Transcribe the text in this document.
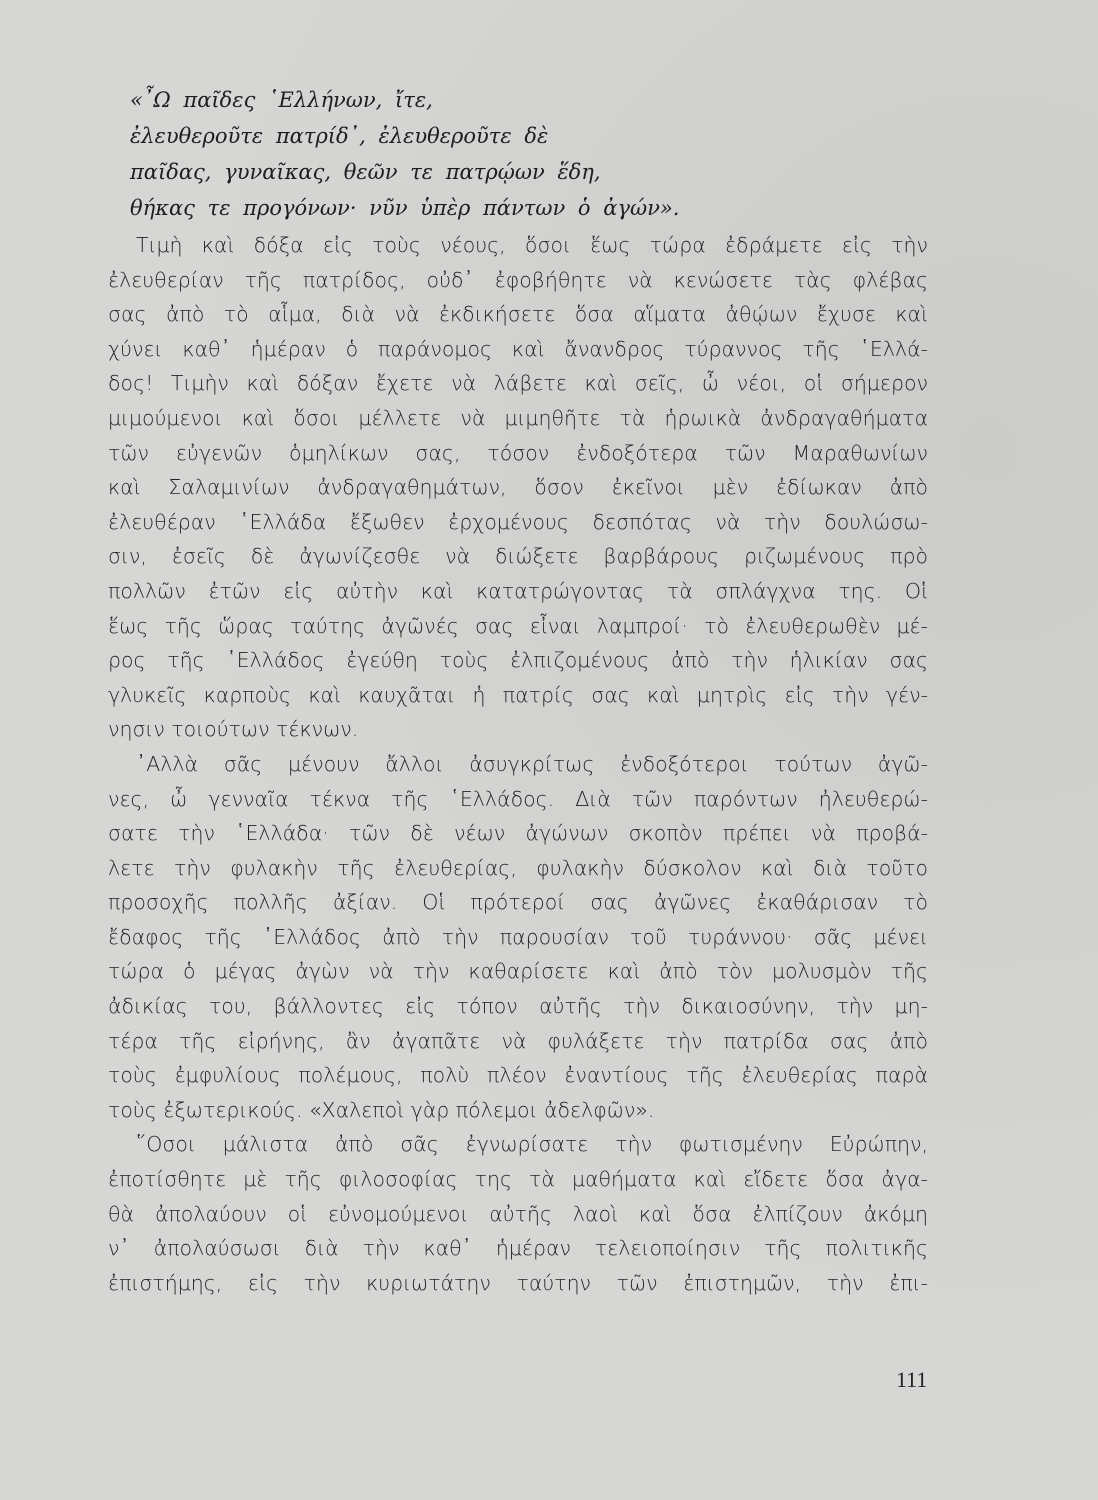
«῏Ω παῖδες ῾Ελλήνων, ἴτε,
ἐλευθεροῦτε πατρίδ᾿, ἐλευθεροῦτε δὲ
παῖδας, γυναῖκας, θεῶν τε πατρῴων ἕδη,
θήκας τε προγόνων· νῦν ὑπὲρ πάντων ὁ ἀγών».
Τιμὴ καὶ δόξα εἰς τοὺς νέους, ὅσοι ἕως τώρα ἐδράμετε εἰς τὴν
ἐλευθερίαν τῆς πατρίδος, οὐδ᾿ ἐφοβήθητε νὰ κενώσετε τὰς φλέβας
σας ἀπὸ τὸ αἷμα, διὰ νὰ ἐκδικήσετε ὅσα αἵματα ἀθῴων ἔχυσε καὶ
χύνει καθ᾿ ἡμέραν ὁ παράνομος καὶ ἄνανδρος τύραννος τῆς ῾Ελλά-
δος! Τιμὴν καὶ δόξαν ἔχετε νὰ λάβετε καὶ σεῖς, ὦ νέοι, οἱ σήμερον
μιμούμενοι καὶ ὅσοι μέλλετε νὰ μιμηθῆτε τὰ ἡρωικὰ ἀνδραγαθήματα
τῶν εὐγενῶν ὁμηλίκων σας, τόσον ἐνδοξότερα τῶν Μαραθωνίων
καὶ Σαλαμινίων ἀνδραγαθημάτων, ὅσον ἐκεῖνοι μὲν ἐδίωκαν ἀπὸ
ἐλευθέραν ῾Ελλάδα ἔξωθεν ἐρχομένους δεσπότας νὰ τὴν δουλώσω-
σιν, ἐσεῖς δὲ ἀγωνίζεσθε νὰ διώξετε βαρβάρους ριζωμένους πρὸ
πολλῶν ἐτῶν εἰς αὐτὴν καὶ κατατρώγοντας τὰ σπλάγχνα της. Οἱ
ἕως τῆς ὥρας ταύτης ἀγῶνές σας εἶναι λαμπροί· τὸ ἐλευθερωθὲν μέ-
ρος τῆς ῾Ελλάδος ἐγεύθη τοὺς ἐλπιζομένους ἀπὸ τὴν ἡλικίαν σας
γλυκεῖς καρποὺς καὶ καυχᾶται ἡ πατρίς σας καὶ μητρὶς εἰς τὴν γέν-
νησιν τοιούτων τέκνων.
᾿Αλλὰ σᾶς μένουν ἄλλοι ἀσυγκρίτως ἐνδοξότεροι τούτων ἀγῶ-
νες, ὦ γενναῖα τέκνα τῆς ῾Ελλάδος. Διὰ τῶν παρόντων ἠλευθερώ-
σατε τὴν ῾Ελλάδα· τῶν δὲ νέων ἀγώνων σκοπὸν πρέπει νὰ προβά-
λετε τὴν φυλακὴν τῆς ἐλευθερίας, φυλακὴν δύσκολον καὶ διὰ τοῦτο
προσοχῆς πολλῆς ἀξίαν. Οἱ πρότεροί σας ἀγῶνες ἐκαθάρισαν τὸ
ἔδαφος τῆς ῾Ελλάδος ἀπὸ τὴν παρουσίαν τοῦ τυράννου· σᾶς μένει
τώρα ὁ μέγας ἀγὼν νὰ τὴν καθαρίσετε καὶ ἀπὸ τὸν μολυσμὸν τῆς
ἀδικίας του, βάλλοντες εἰς τόπον αὐτῆς τὴν δικαιοσύνην, τὴν μη-
τέρα τῆς εἰρήνης, ἂν ἀγαπᾶτε νὰ φυλάξετε τὴν πατρίδα σας ἀπὸ
τοὺς ἐμφυλίους πολέμους, πολὺ πλέον ἐναντίους τῆς ἐλευθερίας παρὰ
τοὺς ἐξωτερικούς. «Χαλεποὶ γὰρ πόλεμοι ἀδελφῶν».
῞Οσοι μάλιστα ἀπὸ σᾶς ἐγνωρίσατε τὴν φωτισμένην Εὐρώπην,
ἐποτίσθητε μὲ τῆς φιλοσοφίας της τὰ μαθήματα καὶ εἴδετε ὅσα ἀγα-
θὰ ἀπολαύουν οἱ εὐνομούμενοι αὐτῆς λαοὶ καὶ ὅσα ἐλπίζουν ἀκόμη
ν᾿ ἀπολαύσωσι διὰ τὴν καθ᾿ ἡμέραν τελειοποίησιν τῆς πολιτικῆς
ἐπιστήμης, εἰς τὴν κυριωτάτην ταύτην τῶν ἐπιστημῶν, τὴν ἐπι-
111
